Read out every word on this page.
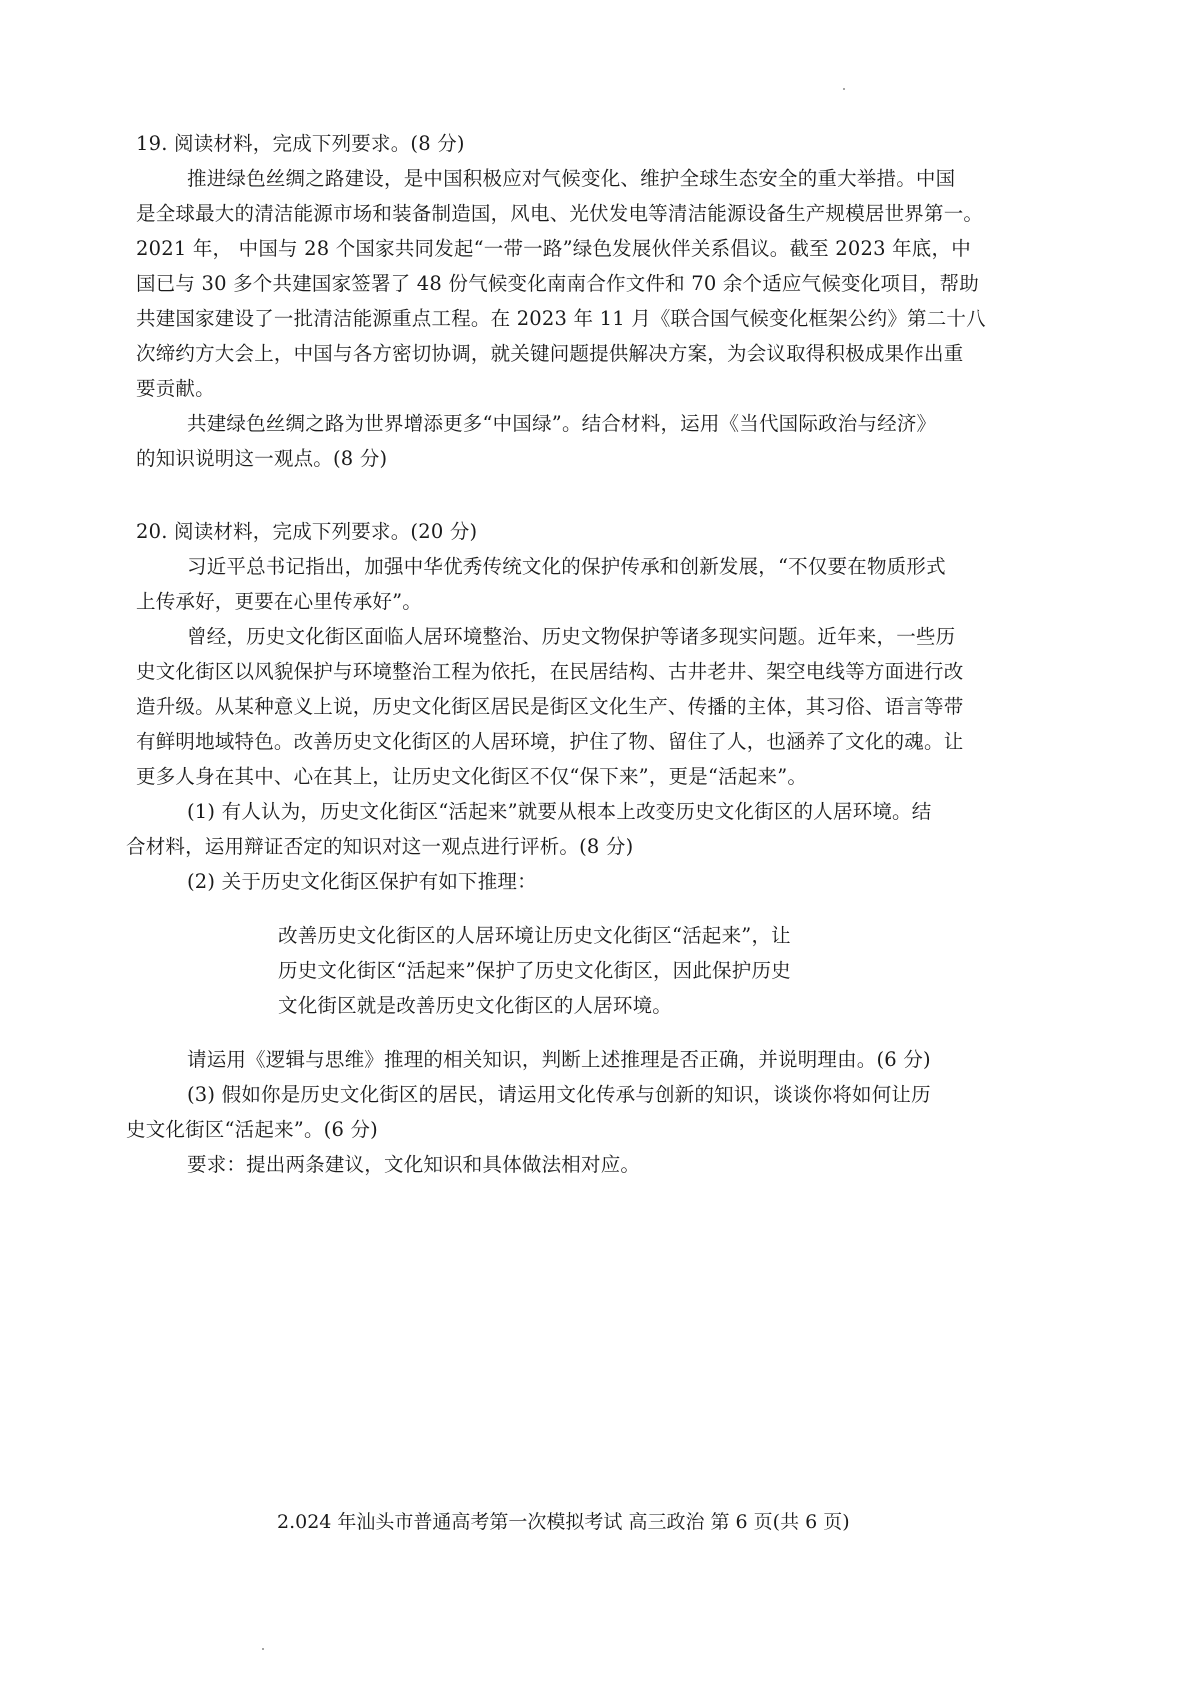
19. 阅读材料，完成下列要求。(8 分)
推进绿色丝绸之路建设，是中国积极应对气候变化、维护全球生态安全的重大举措。中国
是全球最大的清洁能源市场和装备制造国，风电、光伏发电等清洁能源设备生产规模居世界第一。
2021 年， 中国与 28 个国家共同发起“一带一路”绿色发展伙伴关系倡议。截至 2023 年底，中
国已与 30 多个共建国家签署了 48 份气候变化南南合作文件和 70 余个适应气候变化项目，帮助
共建国家建设了一批清洁能源重点工程。在 2023 年 11 月《联合国气候变化框架公约》第二十八
次缔约方大会上，中国与各方密切协调，就关键问题提供解决方案，为会议取得积极成果作出重
要贡献。
共建绿色丝绸之路为世界增添更多“中国绿”。结合材料，运用《当代国际政治与经济》
的知识说明这一观点。(8 分)
20. 阅读材料，完成下列要求。(20 分)
习近平总书记指出，加强中华优秀传统文化的保护传承和创新发展，“不仅要在物质形式
上传承好，更要在心里传承好”。
曾经，历史文化街区面临人居环境整治、历史文物保护等诸多现实问题。近年来，一些历
史文化街区以风貌保护与环境整治工程为依托，在民居结构、古井老井、架空电线等方面进行改
造升级。从某种意义上说，历史文化街区居民是街区文化生产、传播的主体，其习俗、语言等带
有鲜明地域特色。改善历史文化街区的人居环境，护住了物、留住了人，也涵养了文化的魂。让
更多人身在其中、心在其上，让历史文化街区不仅“保下来”，更是“活起来”。
(1) 有人认为，历史文化街区“活起来”就要从根本上改变历史文化街区的人居环境。结
合材料，运用辩证否定的知识对这一观点进行评析。(8 分)
(2) 关于历史文化街区保护有如下推理：
改善历史文化街区的人居环境让历史文化街区“活起来”，让
历史文化街区“活起来”保护了历史文化街区，因此保护历史
文化街区就是改善历史文化街区的人居环境。
请运用《逻辑与思维》推理的相关知识，判断上述推理是否正确，并说明理由。(6 分)
(3) 假如你是历史文化街区的居民，请运用文化传承与创新的知识，谈谈你将如何让历
史文化街区“活起来”。(6 分)
要求：提出两条建议，文化知识和具体做法相对应。
2.024 年汕头市普通高考第一次模拟考试 高三政治 第 6 页(共 6 页)
